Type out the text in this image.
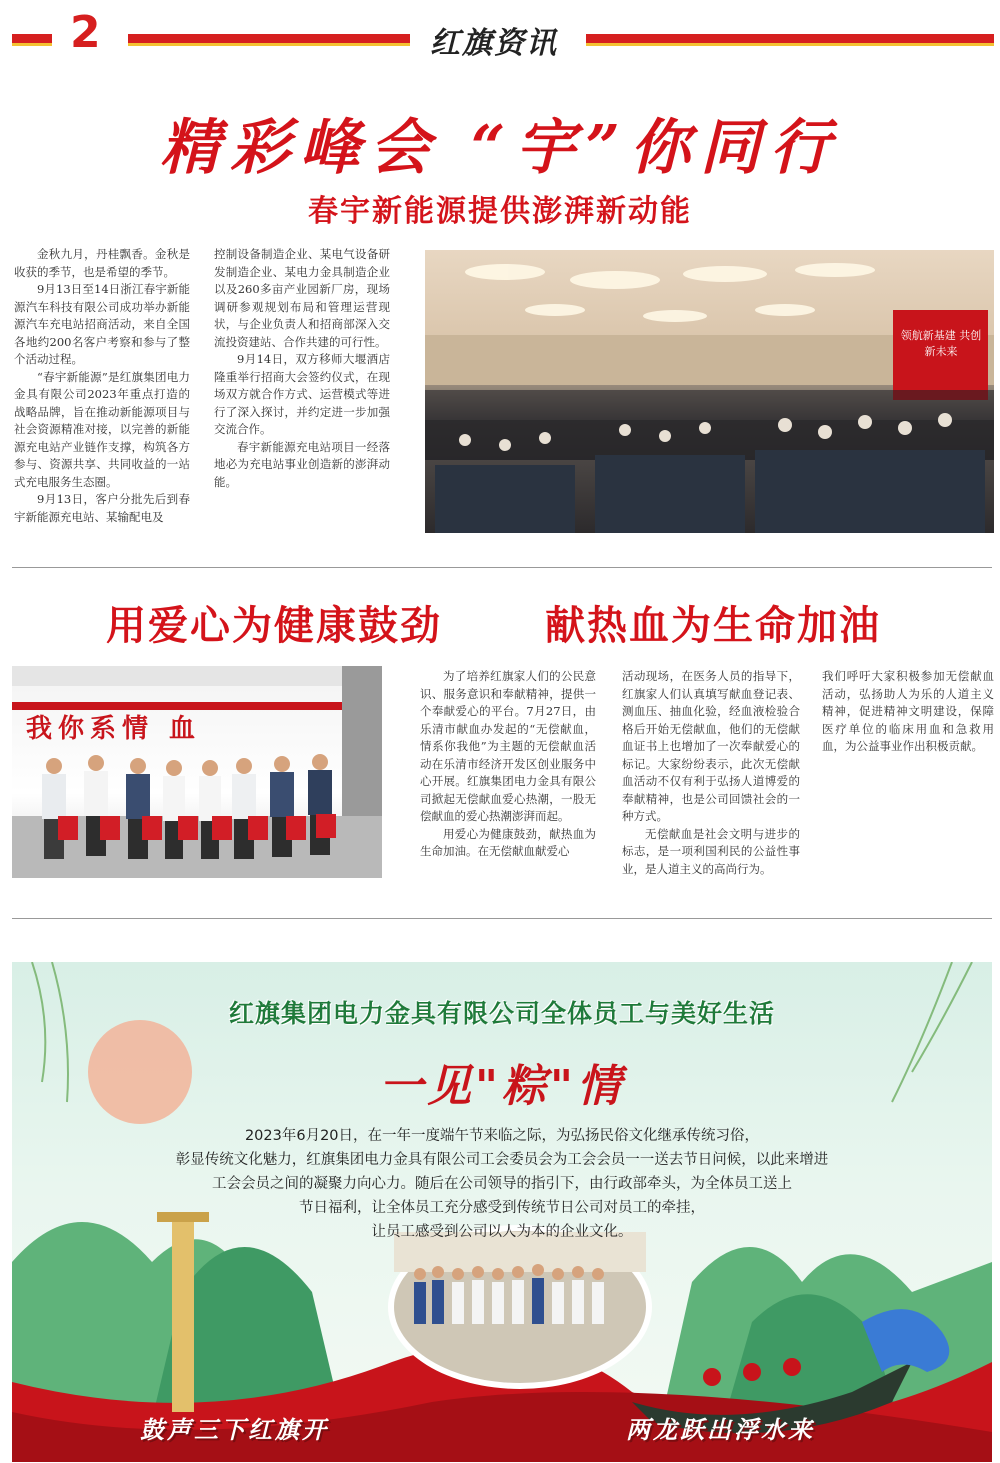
2	红旗资讯
精彩峰会 “宇”你同行
春宇新能源提供澎湃新动能

金秋九月，丹桂飘香。金秋是收获的季节，也是希望的季节。

9月13日至14日浙江春宇新能源汽车科技有限公司成功举办新能源汽车充电站招商活动，来自全国各地约200名客户考察和参与了整个活动过程。

“春宇新能源”是红旗集团电力金具有限公司2023年重点打造的战略品牌，旨在推动新能源项目与社会资源精准对接，以完善的新能源充电站产业链作支撑，构筑各方参与、资源共享、共同收益的一站式充电服务生态圈。

9月13日，客户分批先后到春宇新能源充电站、某输配电及

控制设备制造企业、某电气设备研发制造企业、某电力金具制造企业以及260多亩产业园新厂房，现场调研参观规划布局和管理运营现状，与企业负责人和招商部深入交流投资建站、合作共建的可行性。

9月14日，双方移师大堰酒店隆重举行招商大会签约仪式，在现场双方就合作方式、运营模式等进行了深入探讨，并约定进一步加强交流合作。

春宇新能源充电站项目一经落地必为充电站事业创造新的澎湃动能。

领航新基建 共创新未来
用爱心为健康鼓劲	献热血为生命加油
我你系情 血

为了培养红旗家人们的公民意识、服务意识和奉献精神，提供一个奉献爱心的平台。7月27日，由乐清市献血办发起的“无偿献血，情系你我他”为主题的无偿献血活动在乐清市经济开发区创业服务中心开展。红旗集团电力金具有限公司掀起无偿献血爱心热潮，一股无偿献血的爱心热潮澎湃而起。

用爱心为健康鼓劲，献热血为生命加油。在无偿献血献爱心

活动现场，在医务人员的指导下，红旗家人们认真填写献血登记表、测血压、抽血化验，经血液检验合格后开始无偿献血，他们的无偿献血证书上也增加了一次奉献爱心的标记。大家纷纷表示，此次无偿献血活动不仅有利于弘扬人道博爱的奉献精神，也是公司回馈社会的一种方式。

无偿献血是社会文明与进步的标志，是一项利国利民的公益性事业，是人道主义的高尚行为。

我们呼吁大家积极参加无偿献血活动，弘扬助人为乐的人道主义精神，促进精神文明建设，保障医疗单位的临床用血和急救用血，为公益事业作出积极贡献。

红旗集团电力金具有限公司全体员工与美好生活
一见"粽"情

2023年6月20日，在一年一度端午节来临之际，为弘扬民俗文化继承传统习俗，

彰显传统文化魅力，红旗集团电力金具有限公司工会委员会为工会会员一一送去节日问候，以此来增进

工会会员之间的凝聚力向心力。随后在公司领导的指引下，由行政部牵头，为全体员工送上

节日福利，让全体员工充分感受到传统节日公司对员工的牵挂，

让员工感受到公司以人为本的企业文化。

鼓声三下红旗开	两龙跃出浮水来
